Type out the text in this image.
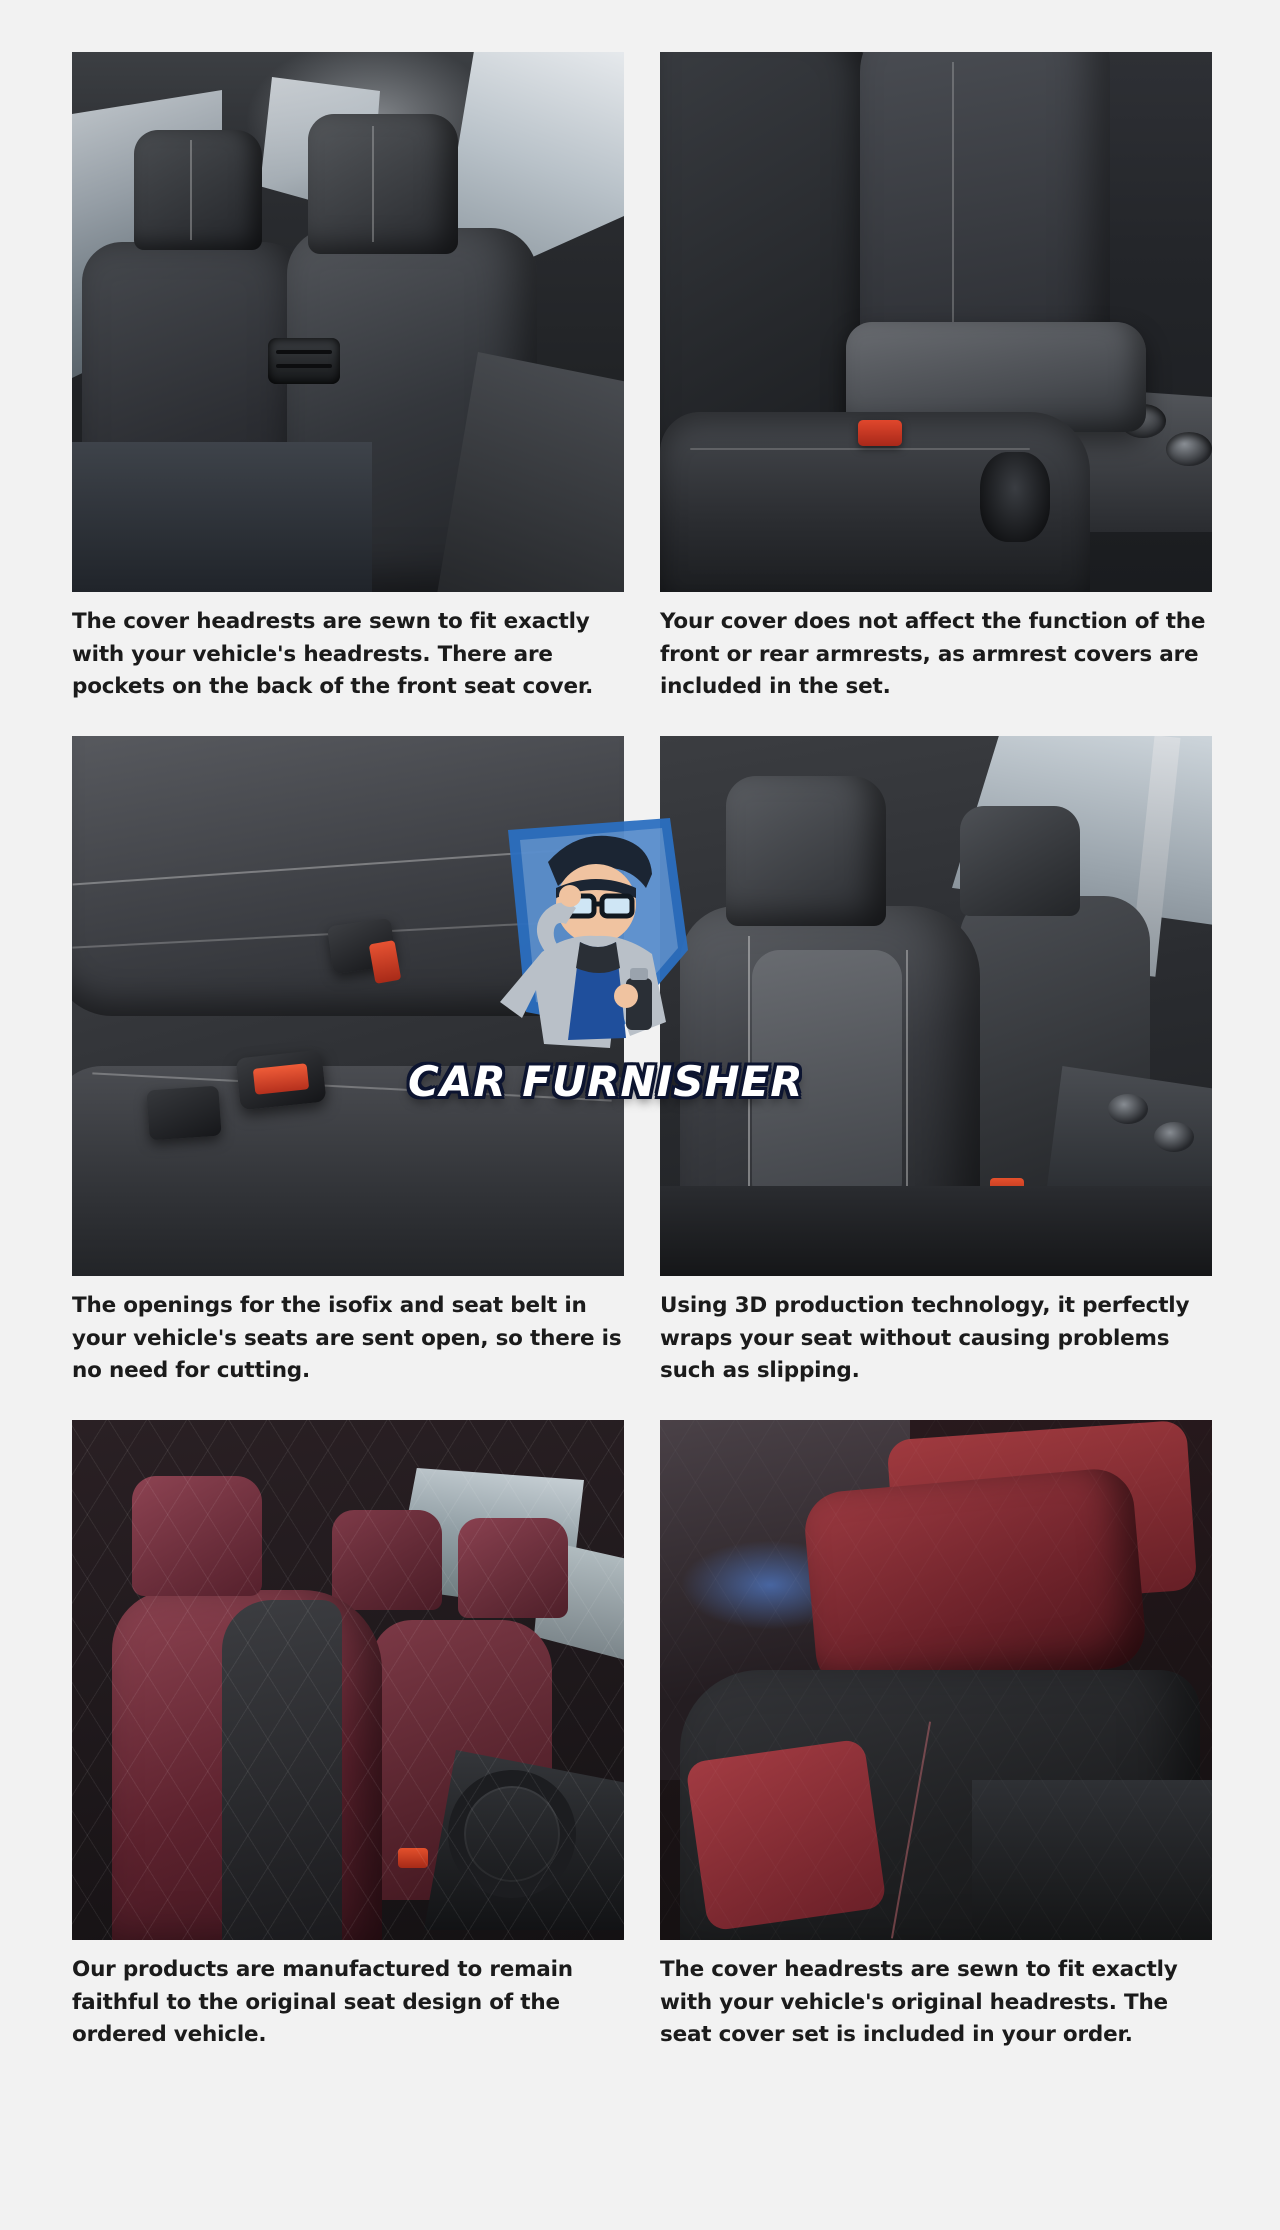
The cover headrests are sewn to fit exactly with your vehicle's headrests. There are pockets on the back of the front seat cover.
Your cover does not affect the function of the front or rear armrests, as armrest covers are included in the set.
The openings for the isofix and seat belt in your vehicle's seats are sent open, so there is no need for cutting.
Using 3D production technology, it perfectly wraps your seat without causing problems such as slipping.
Our products are manufactured to remain faithful to the original seat design of the ordered vehicle.
The cover headrests are sewn to fit exactly with your vehicle's original headrests. The seat cover set is included in your order.
CAR FURNISHER
